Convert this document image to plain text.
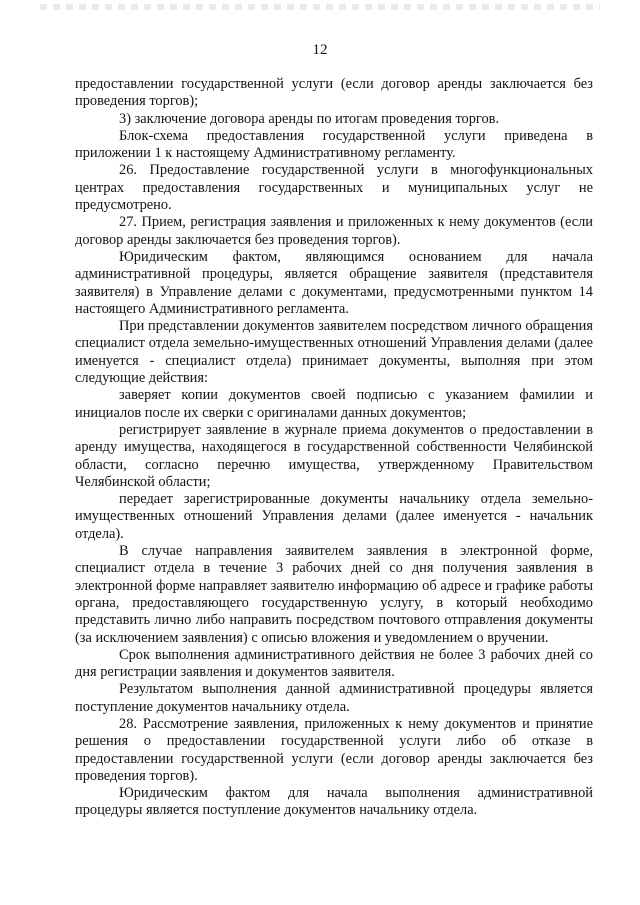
12

предоставлении государственной услуги (если договор аренды заключается без проведения торгов);

3) заключение договора аренды по итогам проведения торгов.

Блок-схема предоставления государственной услуги приведена в приложении 1 к настоящему Административному регламенту.

26. Предоставление государственной услуги в многофункциональных центрах предоставления государственных и муниципальных услуг не предусмотрено.

27. Прием, регистрация заявления и приложенных к нему документов (если договор аренды заключается без проведения торгов).

Юридическим фактом, являющимся основанием для начала административной процедуры, является обращение заявителя (представителя заявителя) в Управление делами с документами, предусмотренными пунктом 14 настоящего Административного регламента.

При представлении документов заявителем посредством личного обращения специалист отдела земельно-имущественных отношений Управления делами (далее именуется - специалист отдела) принимает документы, выполняя при этом следующие действия:

заверяет копии документов своей подписью с указанием фамилии и инициалов после их сверки с оригиналами данных документов;

регистрирует заявление в журнале приема документов о предоставлении в аренду имущества, находящегося в государственной собственности Челябинской области, согласно перечню имущества, утвержденному Правительством Челябинской области;

передает зарегистрированные документы начальнику отдела земельно-имущественных отношений Управления делами (далее именуется - начальник отдела).

В случае направления заявителем заявления в электронной форме, специалист отдела в течение 3 рабочих дней со дня получения заявления в электронной форме направляет заявителю информацию об адресе и графике работы органа, предоставляющего государственную услугу, в который необходимо представить лично либо направить посредством почтового отправления документы (за исключением заявления) с описью вложения и уведомлением о вручении.

Срок выполнения административного действия не более 3 рабочих дней со дня регистрации заявления и документов заявителя.

Результатом выполнения данной административной процедуры является поступление документов начальнику отдела.

28. Рассмотрение заявления, приложенных к нему документов и принятие решения о предоставлении государственной услуги либо об отказе в предоставлении государственной услуги (если договор аренды заключается без проведения торгов).

Юридическим фактом для начала выполнения административной процедуры является поступление документов начальнику отдела.
